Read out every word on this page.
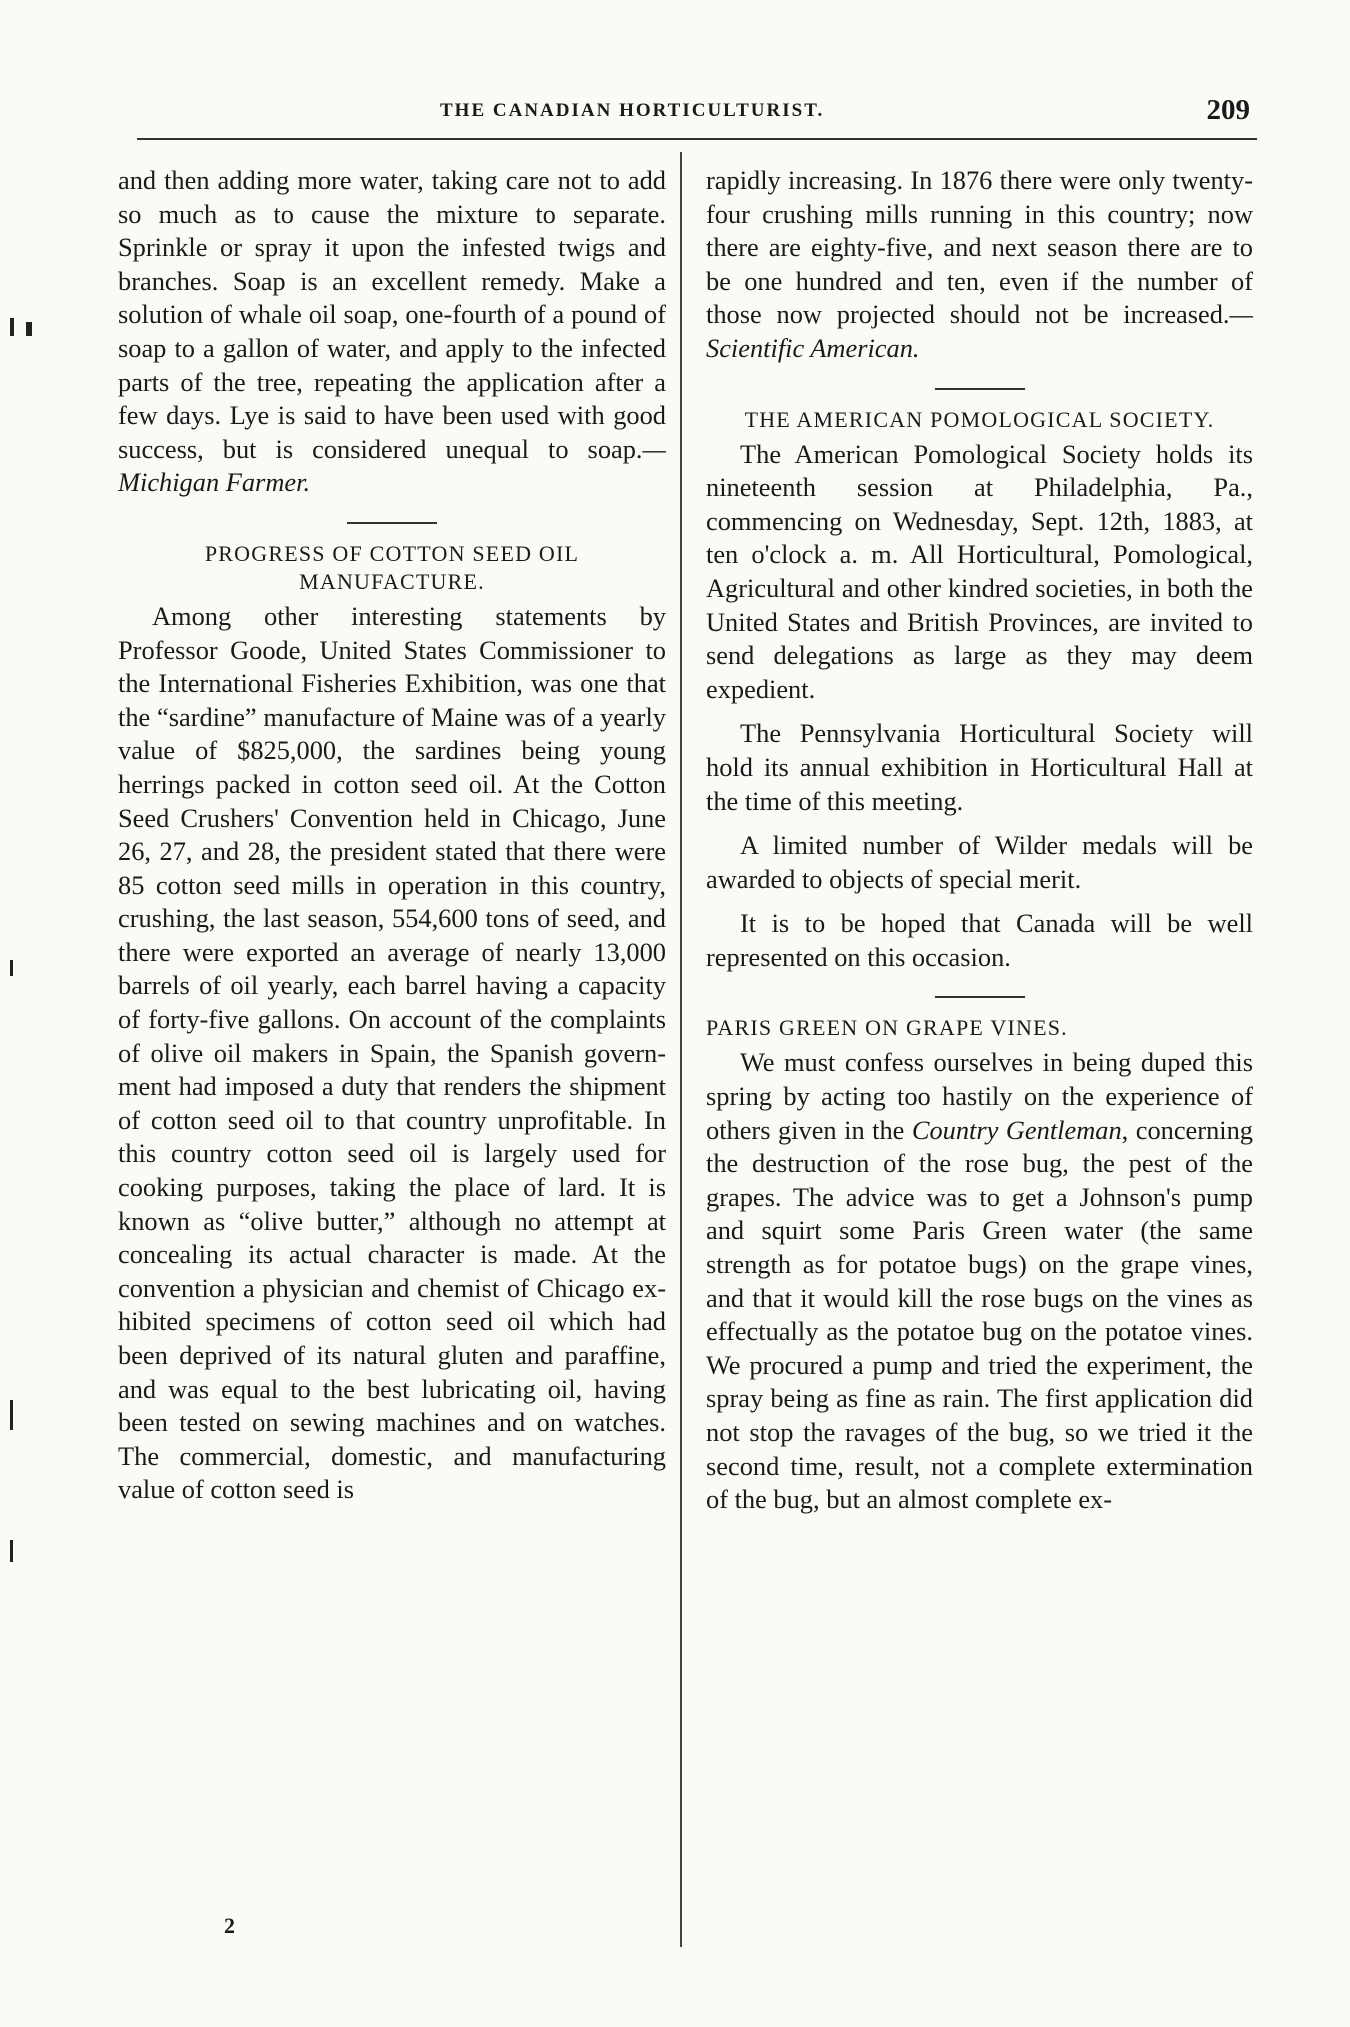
THE CANADIAN HORTICULTURIST.	209

and then adding more water, taking care not to add so much as to cause the mixture to separate. Sprinkle or spray it upon the infested twigs and branches. Soap is an excellent remedy. Make a solution of whale oil soap, one-fourth of a pound of soap to a gallon of water, and apply to the infected parts of the tree, repeating the application after a few days. Lye is said to have been used with good success, but is considered unequal to soap.—Michigan Farmer.

PROGRESS OF COTTON SEED OIL MANUFACTURE.

Among other interesting statements by Professor Goode, United States Commissioner to the International Fisheries Exhibition, was one that the “sardine” manufacture of Maine was of a yearly value of $825,000, the sardines being young herrings packed in cotton seed oil. At the Cotton Seed Crushers' Convention held in Chicago, June 26, 27, and 28, the president stated that there were 85 cotton seed mills in operation in this country, crushing, the last season, 554,600 tons of seed, and there were exported an average of nearly 13,000 barrels of oil yearly, each barrel having a capacity of forty-five gallons. On account of the complaints of olive oil makers in Spain, the Spanish government had imposed a duty that renders the shipment of cotton seed oil to that country unprofitable. In this country cotton seed oil is largely used for cooking purposes, taking the place of lard. It is known as “olive butter,” although no attempt at concealing its actual character is made. At the convention a physician and chemist of Chicago exhibited specimens of cotton seed oil which had been deprived of its natural gluten and paraffine, and was equal to the best lubricating oil, having been tested on sewing machines and on watches. The commercial, domestic, and manufacturing value of cotton seed is

2

rapidly increasing. In 1876 there were only twenty-four crushing mills running in this country; now there are eighty-five, and next season there are to be one hundred and ten, even if the number of those now projected should not be increased.—Scientific American.

THE AMERICAN POMOLOGICAL SOCIETY.

The American Pomological Society holds its nineteenth session at Philadelphia, Pa., commencing on Wednesday, Sept. 12th, 1883, at ten o'clock a. m. All Horticultural, Pomological, Agricultural and other kindred societies, in both the United States and British Provinces, are invited to send delegations as large as they may deem expedient.

The Pennsylvania Horticultural Society will hold its annual exhibition in Horticultural Hall at the time of this meeting.

A limited number of Wilder medals will be awarded to objects of special merit.

It is to be hoped that Canada will be well represented on this occasion.

PARIS GREEN ON GRAPE VINES.

We must confess ourselves in being duped this spring by acting too hastily on the experience of others given in the Country Gentleman, concerning the destruction of the rose bug, the pest of the grapes. The advice was to get a Johnson's pump and squirt some Paris Green water (the same strength as for potatoe bugs) on the grape vines, and that it would kill the rose bugs on the vines as effectually as the potatoe bug on the potatoe vines. We procured a pump and tried the experiment, the spray being as fine as rain. The first application did not stop the ravages of the bug, so we tried it the second time, result, not a complete extermination of the bug, but an almost complete ex-
